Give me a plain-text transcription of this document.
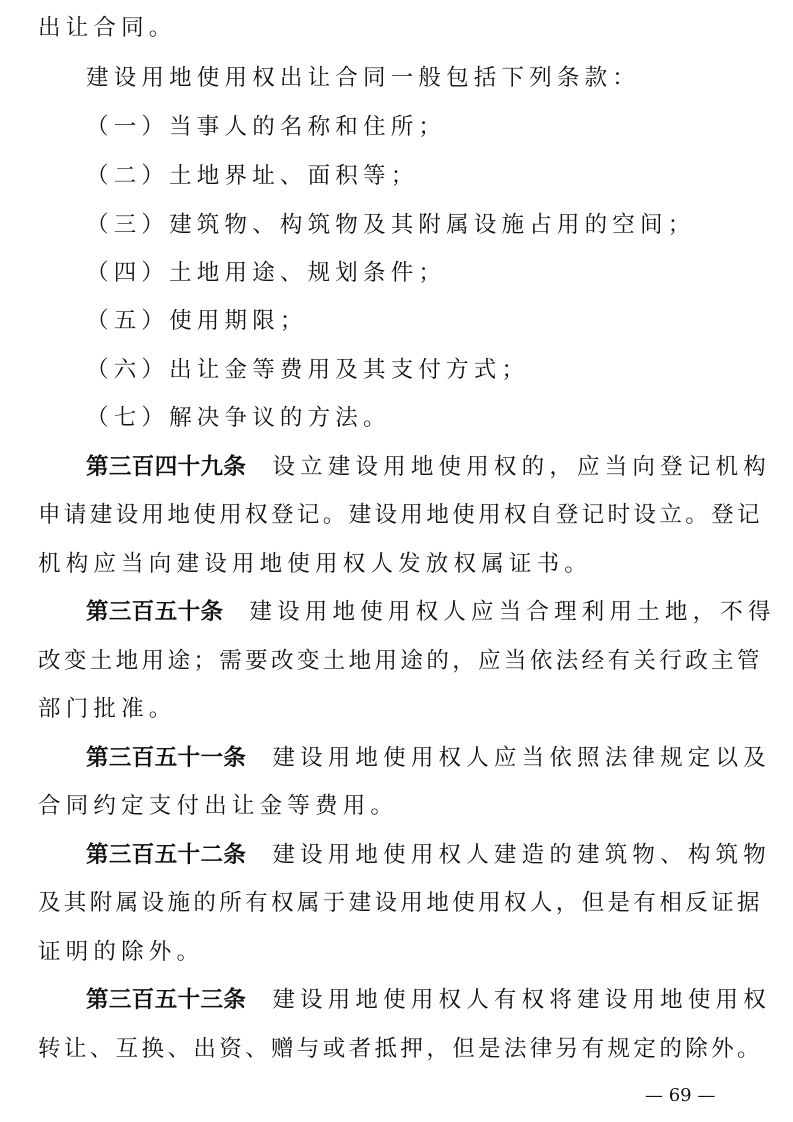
出让合同。
建设用地使用权出让合同一般包括下列条款：
（一）当事人的名称和住所；
（二）土地界址、面积等；
（三）建筑物、构筑物及其附属设施占用的空间；
（四）土地用途、规划条件；
（五）使用期限；
（六）出让金等费用及其支付方式；
（七）解决争议的方法。
第三百四十九条 设立建设用地使用权的，应当向登记机构
申请建设用地使用权登记。建设用地使用权自登记时设立。登记
机构应当向建设用地使用权人发放权属证书。
第三百五十条 建设用地使用权人应当合理利用土地，不得
改变土地用途；需要改变土地用途的，应当依法经有关行政主管
部门批准。
第三百五十一条 建设用地使用权人应当依照法律规定以及
合同约定支付出让金等费用。
第三百五十二条 建设用地使用权人建造的建筑物、构筑物
及其附属设施的所有权属于建设用地使用权人，但是有相反证据
证明的除外。
第三百五十三条 建设用地使用权人有权将建设用地使用权
转让、互换、出资、赠与或者抵押，但是法律另有规定的除外。
— 69 —
